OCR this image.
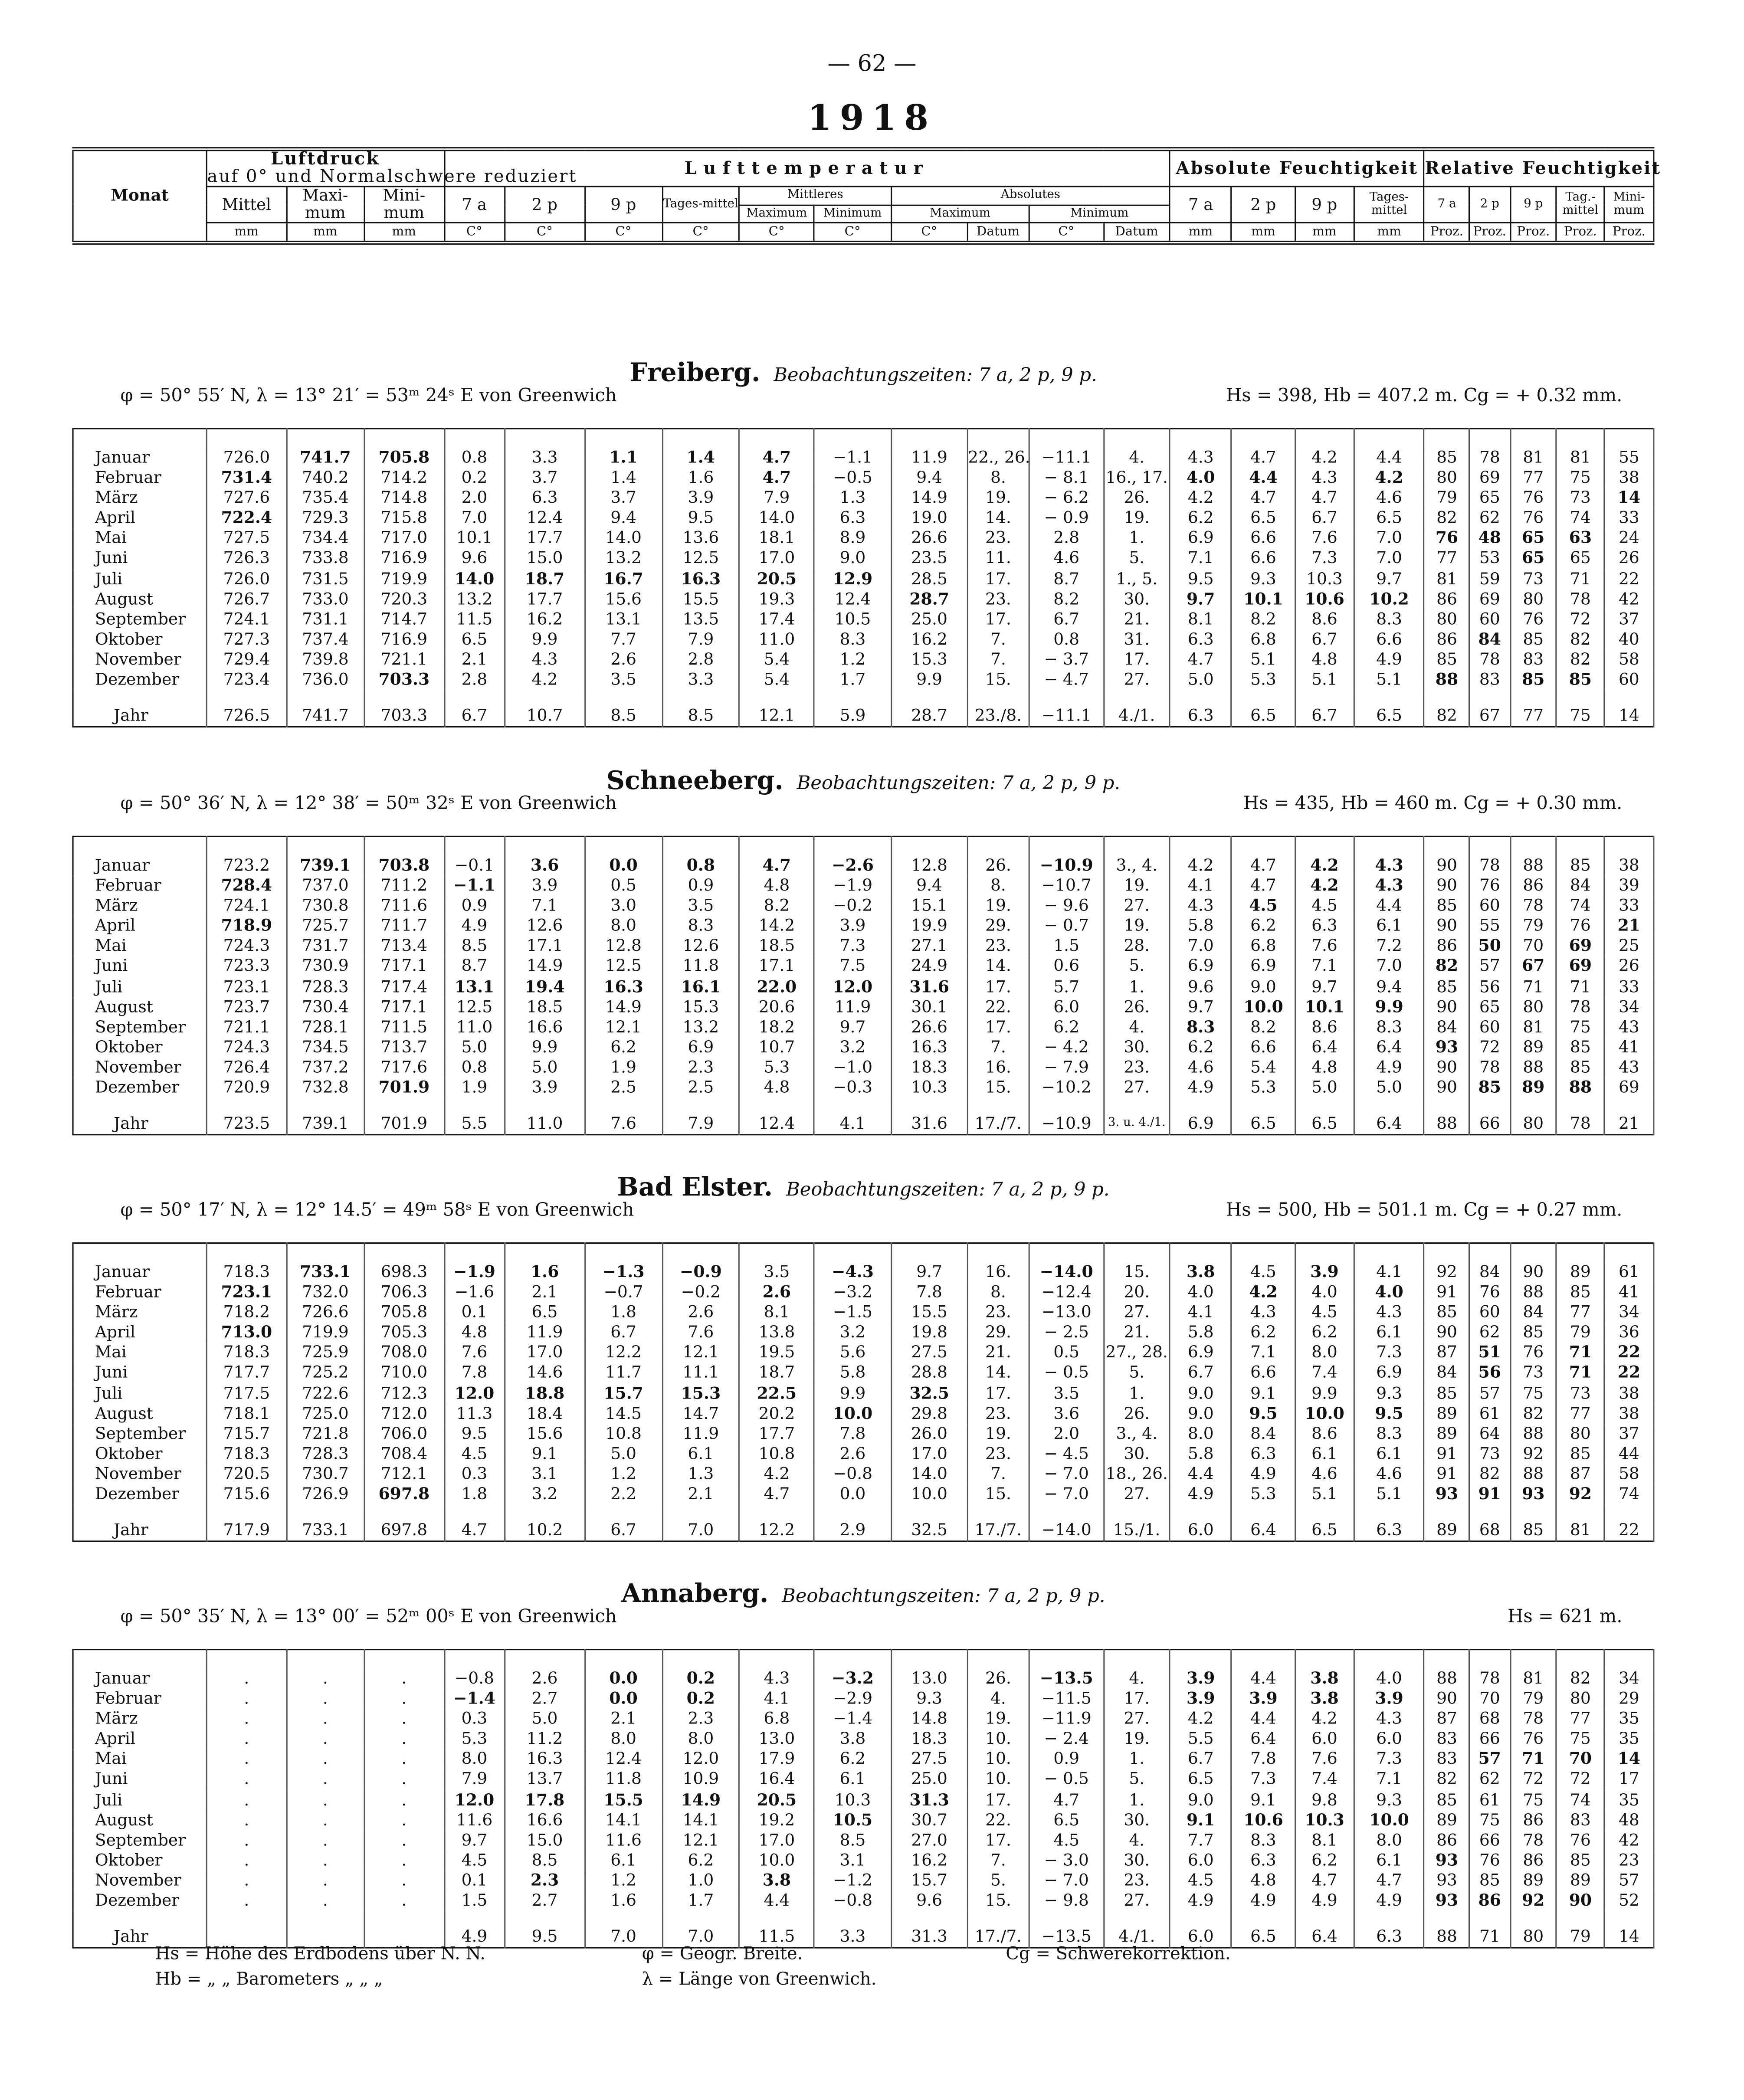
— 62 —
1918
Monat	Luftdruck
auf 0° und Normalschwere reduziert			Lufttemperatur										Absolute Feuchtigkeit				Relative Feuchtigkeit				
	Mittel	Maxi-mum	Mini-mum	7 a	2 p	9 p	Tages-mittel	Mittleres		Absolutes				7 a	2 p	9 p	Tages-mittel	7 a	2 p	9 p	Tag.-mittel	Mini-mum
								Maximum	Minimum	Maximum		Minimum										
	mm	mm	mm	C°	C°	C°	C°	C°	C°	C°	Datum	C°	Datum	mm	mm	mm	mm	Proz.	Proz.	Proz.	Proz.	Proz.
Freiberg. Beobachtungszeiten: 7 a, 2 p, 9 p.
φ = 50° 55′ N, λ = 13° 21′ = 53ᵐ 24ˢ E von Greenwich	Hs = 398, Hb = 407.2 m. Cg = + 0.32 mm.

Januar	726.0	741.7	705.8	0.8	3.3	1.1	1.4	4.7	−1.1	11.9	22., 26.	−11.1	4.	4.3	4.7	4.2	4.4	85	78	81	81	55
Februar	731.4	740.2	714.2	0.2	3.7	1.4	1.6	4.7	−0.5	9.4	8.	− 8.1	16., 17.	4.0	4.4	4.3	4.2	80	69	77	75	38
März	727.6	735.4	714.8	2.0	6.3	3.7	3.9	7.9	1.3	14.9	19.	− 6.2	26.	4.2	4.7	4.7	4.6	79	65	76	73	14
April	722.4	729.3	715.8	7.0	12.4	9.4	9.5	14.0	6.3	19.0	14.	− 0.9	19.	6.2	6.5	6.7	6.5	82	62	76	74	33
Mai	727.5	734.4	717.0	10.1	17.7	14.0	13.6	18.1	8.9	26.6	23.	2.8	1.	6.9	6.6	7.6	7.0	76	48	65	63	24
Juni	726.3	733.8	716.9	9.6	15.0	13.2	12.5	17.0	9.0	23.5	11.	4.6	5.	7.1	6.6	7.3	7.0	77	53	65	65	26
Juli	726.0	731.5	719.9	14.0	18.7	16.7	16.3	20.5	12.9	28.5	17.	8.7	1., 5.	9.5	9.3	10.3	9.7	81	59	73	71	22
August	726.7	733.0	720.3	13.2	17.7	15.6	15.5	19.3	12.4	28.7	23.	8.2	30.	9.7	10.1	10.6	10.2	86	69	80	78	42
September	724.1	731.1	714.7	11.5	16.2	13.1	13.5	17.4	10.5	25.0	17.	6.7	21.	8.1	8.2	8.6	8.3	80	60	76	72	37
Oktober	727.3	737.4	716.9	6.5	9.9	7.7	7.9	11.0	8.3	16.2	7.	0.8	31.	6.3	6.8	6.7	6.6	86	84	85	82	40
November	729.4	739.8	721.1	2.1	4.3	2.6	2.8	5.4	1.2	15.3	7.	− 3.7	17.	4.7	5.1	4.8	4.9	85	78	83	82	58
Dezember	723.4	736.0	703.3	2.8	4.2	3.5	3.3	5.4	1.7	9.9	15.	− 4.7	27.	5.0	5.3	5.1	5.1	88	83	85	85	60
Jahr	726.5	741.7	703.3	6.7	10.7	8.5	8.5	12.1	5.9	28.7	23./8.	−11.1	4./1.	6.3	6.5	6.7	6.5	82	67	77	75	14
Schneeberg. Beobachtungszeiten: 7 a, 2 p, 9 p.
φ = 50° 36′ N, λ = 12° 38′ = 50ᵐ 32ˢ E von Greenwich	Hs = 435, Hb = 460 m. Cg = + 0.30 mm.

Januar	723.2	739.1	703.8	−0.1	3.6	0.0	0.8	4.7	−2.6	12.8	26.	−10.9	3., 4.	4.2	4.7	4.2	4.3	90	78	88	85	38
Februar	728.4	737.0	711.2	−1.1	3.9	0.5	0.9	4.8	−1.9	9.4	8.	−10.7	19.	4.1	4.7	4.2	4.3	90	76	86	84	39
März	724.1	730.8	711.6	0.9	7.1	3.0	3.5	8.2	−0.2	15.1	19.	− 9.6	27.	4.3	4.5	4.5	4.4	85	60	78	74	33
April	718.9	725.7	711.7	4.9	12.6	8.0	8.3	14.2	3.9	19.9	29.	− 0.7	19.	5.8	6.2	6.3	6.1	90	55	79	76	21
Mai	724.3	731.7	713.4	8.5	17.1	12.8	12.6	18.5	7.3	27.1	23.	1.5	28.	7.0	6.8	7.6	7.2	86	50	70	69	25
Juni	723.3	730.9	717.1	8.7	14.9	12.5	11.8	17.1	7.5	24.9	14.	0.6	5.	6.9	6.9	7.1	7.0	82	57	67	69	26
Juli	723.1	728.3	717.4	13.1	19.4	16.3	16.1	22.0	12.0	31.6	17.	5.7	1.	9.6	9.0	9.7	9.4	85	56	71	71	33
August	723.7	730.4	717.1	12.5	18.5	14.9	15.3	20.6	11.9	30.1	22.	6.0	26.	9.7	10.0	10.1	9.9	90	65	80	78	34
September	721.1	728.1	711.5	11.0	16.6	12.1	13.2	18.2	9.7	26.6	17.	6.2	4.	8.3	8.2	8.6	8.3	84	60	81	75	43
Oktober	724.3	734.5	713.7	5.0	9.9	6.2	6.9	10.7	3.2	16.3	7.	− 4.2	30.	6.2	6.6	6.4	6.4	93	72	89	85	41
November	726.4	737.2	717.6	0.8	5.0	1.9	2.3	5.3	−1.0	18.3	16.	− 7.9	23.	4.6	5.4	4.8	4.9	90	78	88	85	43
Dezember	720.9	732.8	701.9	1.9	3.9	2.5	2.5	4.8	−0.3	10.3	15.	−10.2	27.	4.9	5.3	5.0	5.0	90	85	89	88	69
Jahr	723.5	739.1	701.9	5.5	11.0	7.6	7.9	12.4	4.1	31.6	17./7.	−10.9	3. u. 4./1.	6.9	6.5	6.5	6.4	88	66	80	78	21
Bad Elster. Beobachtungszeiten: 7 a, 2 p, 9 p.
φ = 50° 17′ N, λ = 12° 14.5′ = 49ᵐ 58ˢ E von Greenwich	Hs = 500, Hb = 501.1 m. Cg = + 0.27 mm.

Januar	718.3	733.1	698.3	−1.9	1.6	−1.3	−0.9	3.5	−4.3	9.7	16.	−14.0	15.	3.8	4.5	3.9	4.1	92	84	90	89	61
Februar	723.1	732.0	706.3	−1.6	2.1	−0.7	−0.2	2.6	−3.2	7.8	8.	−12.4	20.	4.0	4.2	4.0	4.0	91	76	88	85	41
März	718.2	726.6	705.8	0.1	6.5	1.8	2.6	8.1	−1.5	15.5	23.	−13.0	27.	4.1	4.3	4.5	4.3	85	60	84	77	34
April	713.0	719.9	705.3	4.8	11.9	6.7	7.6	13.8	3.2	19.8	29.	− 2.5	21.	5.8	6.2	6.2	6.1	90	62	85	79	36
Mai	718.3	725.9	708.0	7.6	17.0	12.2	12.1	19.5	5.6	27.5	21.	0.5	27., 28.	6.9	7.1	8.0	7.3	87	51	76	71	22
Juni	717.7	725.2	710.0	7.8	14.6	11.7	11.1	18.7	5.8	28.8	14.	− 0.5	5.	6.7	6.6	7.4	6.9	84	56	73	71	22
Juli	717.5	722.6	712.3	12.0	18.8	15.7	15.3	22.5	9.9	32.5	17.	3.5	1.	9.0	9.1	9.9	9.3	85	57	75	73	38
August	718.1	725.0	712.0	11.3	18.4	14.5	14.7	20.2	10.0	29.8	23.	3.6	26.	9.0	9.5	10.0	9.5	89	61	82	77	38
September	715.7	721.8	706.0	9.5	15.6	10.8	11.9	17.7	7.8	26.0	19.	2.0	3., 4.	8.0	8.4	8.6	8.3	89	64	88	80	37
Oktober	718.3	728.3	708.4	4.5	9.1	5.0	6.1	10.8	2.6	17.0	23.	− 4.5	30.	5.8	6.3	6.1	6.1	91	73	92	85	44
November	720.5	730.7	712.1	0.3	3.1	1.2	1.3	4.2	−0.8	14.0	7.	− 7.0	18., 26.	4.4	4.9	4.6	4.6	91	82	88	87	58
Dezember	715.6	726.9	697.8	1.8	3.2	2.2	2.1	4.7	0.0	10.0	15.	− 7.0	27.	4.9	5.3	5.1	5.1	93	91	93	92	74
Jahr	717.9	733.1	697.8	4.7	10.2	6.7	7.0	12.2	2.9	32.5	17./7.	−14.0	15./1.	6.0	6.4	6.5	6.3	89	68	85	81	22
Annaberg. Beobachtungszeiten: 7 a, 2 p, 9 p.
φ = 50° 35′ N, λ = 13° 00′ = 52ᵐ 00ˢ E von Greenwich	Hs = 621 m.

Januar	.	.	.	−0.8	2.6	0.0	0.2	4.3	−3.2	13.0	26.	−13.5	4.	3.9	4.4	3.8	4.0	88	78	81	82	34
Februar	.	.	.	−1.4	2.7	0.0	0.2	4.1	−2.9	9.3	4.	−11.5	17.	3.9	3.9	3.8	3.9	90	70	79	80	29
März	.	.	.	0.3	5.0	2.1	2.3	6.8	−1.4	14.8	19.	−11.9	27.	4.2	4.4	4.2	4.3	87	68	78	77	35
April	.	.	.	5.3	11.2	8.0	8.0	13.0	3.8	18.3	10.	− 2.4	19.	5.5	6.4	6.0	6.0	83	66	76	75	35
Mai	.	.	.	8.0	16.3	12.4	12.0	17.9	6.2	27.5	10.	0.9	1.	6.7	7.8	7.6	7.3	83	57	71	70	14
Juni	.	.	.	7.9	13.7	11.8	10.9	16.4	6.1	25.0	10.	− 0.5	5.	6.5	7.3	7.4	7.1	82	62	72	72	17
Juli	.	.	.	12.0	17.8	15.5	14.9	20.5	10.3	31.3	17.	4.7	1.	9.0	9.1	9.8	9.3	85	61	75	74	35
August	.	.	.	11.6	16.6	14.1	14.1	19.2	10.5	30.7	22.	6.5	30.	9.1	10.6	10.3	10.0	89	75	86	83	48
September	.	.	.	9.7	15.0	11.6	12.1	17.0	8.5	27.0	17.	4.5	4.	7.7	8.3	8.1	8.0	86	66	78	76	42
Oktober	.	.	.	4.5	8.5	6.1	6.2	10.0	3.1	16.2	7.	− 3.0	30.	6.0	6.3	6.2	6.1	93	76	86	85	23
November	.	.	.	0.1	2.3	1.2	1.0	3.8	−1.2	15.7	5.	− 7.0	23.	4.5	4.8	4.7	4.7	93	85	89	89	57
Dezember	.	.	.	1.5	2.7	1.6	1.7	4.4	−0.8	9.6	15.	− 9.8	27.	4.9	4.9	4.9	4.9	93	86	92	90	52
Jahr				4.9	9.5	7.0	7.0	11.5	3.3	31.3	17./7.	−13.5	4./1.	6.0	6.5	6.4	6.3	88	71	80	79	14
Hs = Höhe des Erdbodens über N. N.
Hb = „ „ Barometers „ „ „
φ = Geogr. Breite.
λ = Länge von Greenwich.
Cg = Schwerekorrektion.
